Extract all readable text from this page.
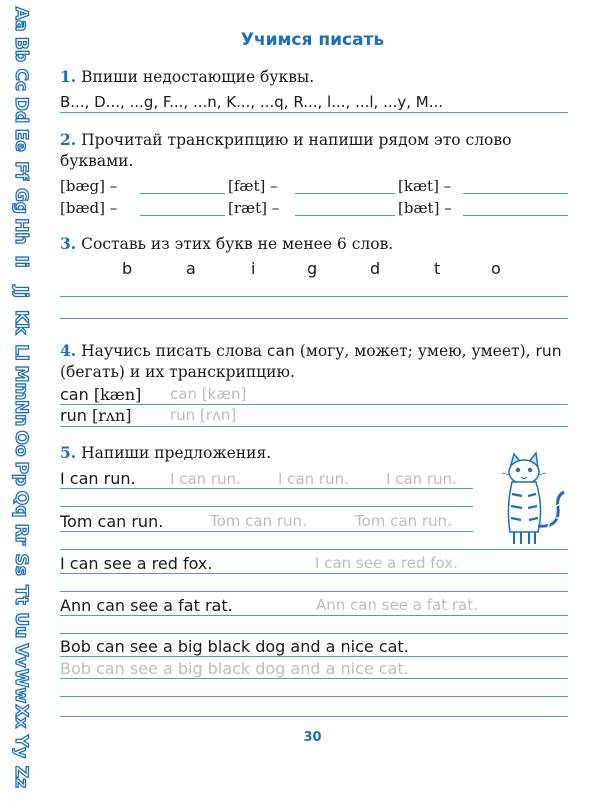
Aa
Bb
Cc
Dd
Ee
Ff
Gg
Hh
Ii
Jj
Kk
Ll
Mm
Nn
Oo
Pp
Qq
Rr
Ss
Tt
Uu
Vv
Ww
Xx
Yy
Zz
Учимся писать
1. Впиши недостающие буквы.
B..., D..., ...g, F..., ...n, K..., ...q, R..., l..., ...l, ...y, M...
2. Прочитай транскрипцию и напиши рядом это слово буквами.
[bæg] –	[fæt] –	[kæt] –
[bæd] –	[ræt] –	[bæt] –
3. Составь из этих букв не менее 6 слов.
b	a	i	g	d	t	o
4. Научись писать слова can (могу, может; умею, умеет), run (бегать) и их транскрипцию.
can [kæn] can [kæn]
run [rʌn]	run [rʌn]
5. Напиши предложения.
I can run. I can run. I can run. I can run.
Tom can run.	Tom can run.	Tom can run.
I can see a red fox.	I can see a red fox.
Ann can see a fat rat.	Ann can see a fat rat.
Bob can see a big black dog and a nice cat.
Bob can see a big black dog and a nice cat.
30
